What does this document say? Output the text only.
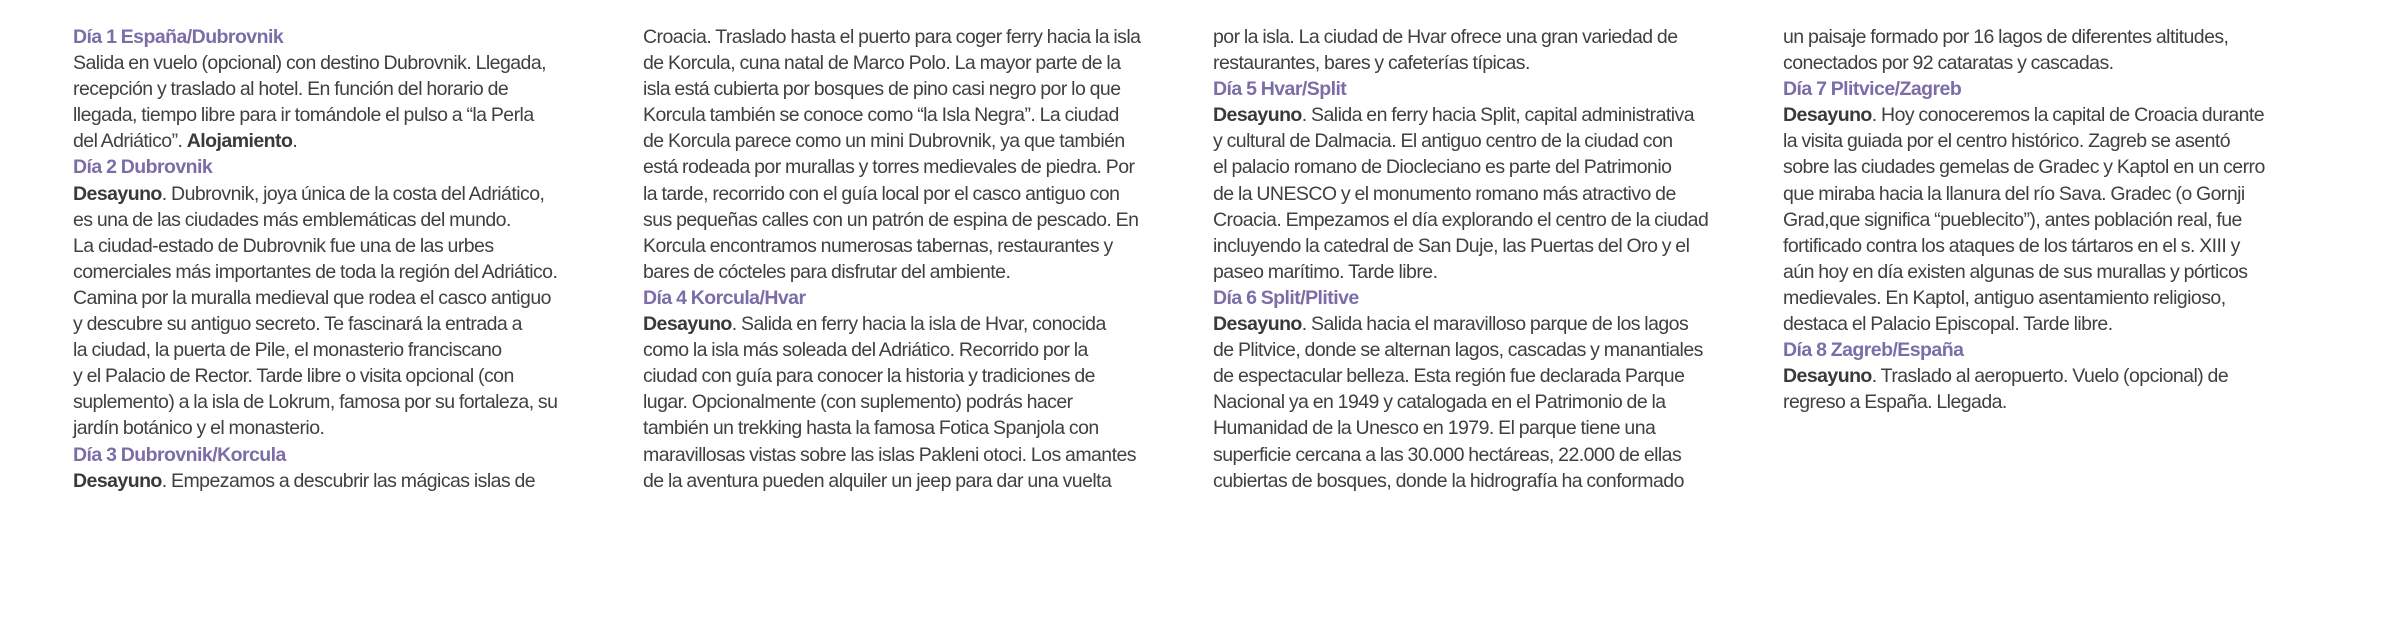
Día 1 España/Dubrovnik
Salida en vuelo (opcional) con destino Dubrovnik. Llegada,
recepción y traslado al hotel. En función del horario de
llegada, tiempo libre para ir tomándole el pulso a “la Perla
del Adriático”. Alojamiento.
Día 2 Dubrovnik
Desayuno. Dubrovnik, joya única de la costa del Adriático,
es una de las ciudades más emblemáticas del mundo.
La ciudad-estado de Dubrovnik fue una de las urbes
comerciales más importantes de toda la región del Adriático.
Camina por la muralla medieval que rodea el casco antiguo
y descubre su antiguo secreto. Te fascinará la entrada a
la ciudad, la puerta de Pile, el monasterio franciscano
y el Palacio de Rector. Tarde libre o visita opcional (con
suplemento) a la isla de Lokrum, famosa por su fortaleza, su
jardín botánico y el monasterio.
Día 3 Dubrovnik/Korcula
Desayuno. Empezamos a descubrir las mágicas islas de
Croacia. Traslado hasta el puerto para coger ferry hacia la isla
de Korcula, cuna natal de Marco Polo. La mayor parte de la
isla está cubierta por bosques de pino casi negro por lo que
Korcula también se conoce como “la Isla Negra”. La ciudad
de Korcula parece como un mini Dubrovnik, ya que también
está rodeada por murallas y torres medievales de piedra. Por
la tarde, recorrido con el guía local por el casco antiguo con
sus pequeñas calles con un patrón de espina de pescado. En
Korcula encontramos numerosas tabernas, restaurantes y
bares de cócteles para disfrutar del ambiente.
Día 4 Korcula/Hvar
Desayuno. Salida en ferry hacia la isla de Hvar, conocida
como la isla más soleada del Adriático. Recorrido por la
ciudad con guía para conocer la historia y tradiciones de
lugar. Opcionalmente (con suplemento) podrás hacer
también un trekking hasta la famosa Fotica Spanjola con
maravillosas vistas sobre las islas Pakleni otoci. Los amantes
de la aventura pueden alquiler un jeep para dar una vuelta
por la isla. La ciudad de Hvar ofrece una gran variedad de
restaurantes, bares y cafeterías típicas.
Día 5 Hvar/Split
Desayuno. Salida en ferry hacia Split, capital administrativa
y cultural de Dalmacia. El antiguo centro de la ciudad con
el palacio romano de Diocleciano es parte del Patrimonio
de la UNESCO y el monumento romano más atractivo de
Croacia. Empezamos el día explorando el centro de la ciudad
incluyendo la catedral de San Duje, las Puertas del Oro y el
paseo marítimo. Tarde libre.
Día 6 Split/Plitive
Desayuno. Salida hacia el maravilloso parque de los lagos
de Plitvice, donde se alternan lagos, cascadas y manantiales
de espectacular belleza. Esta región fue declarada Parque
Nacional ya en 1949 y catalogada en el Patrimonio de la
Humanidad de la Unesco en 1979. El parque tiene una
superficie cercana a las 30.000 hectáreas, 22.000 de ellas
cubiertas de bosques, donde la hidrografía ha conformado
un paisaje formado por 16 lagos de diferentes altitudes,
conectados por 92 cataratas y cascadas.
Día 7 Plitvice/Zagreb
Desayuno. Hoy conoceremos la capital de Croacia durante
la visita guiada por el centro histórico. Zagreb se asentó
sobre las ciudades gemelas de Gradec y Kaptol en un cerro
que miraba hacia la llanura del río Sava. Gradec (o Gornji
Grad,que significa “pueblecito”), antes población real, fue
fortificado contra los ataques de los tártaros en el s. XIII y
aún hoy en día existen algunas de sus murallas y pórticos
medievales. En Kaptol, antiguo asentamiento religioso,
destaca el Palacio Episcopal. Tarde libre.
Día 8 Zagreb/España
Desayuno. Traslado al aeropuerto. Vuelo (opcional) de
regreso a España. Llegada.
